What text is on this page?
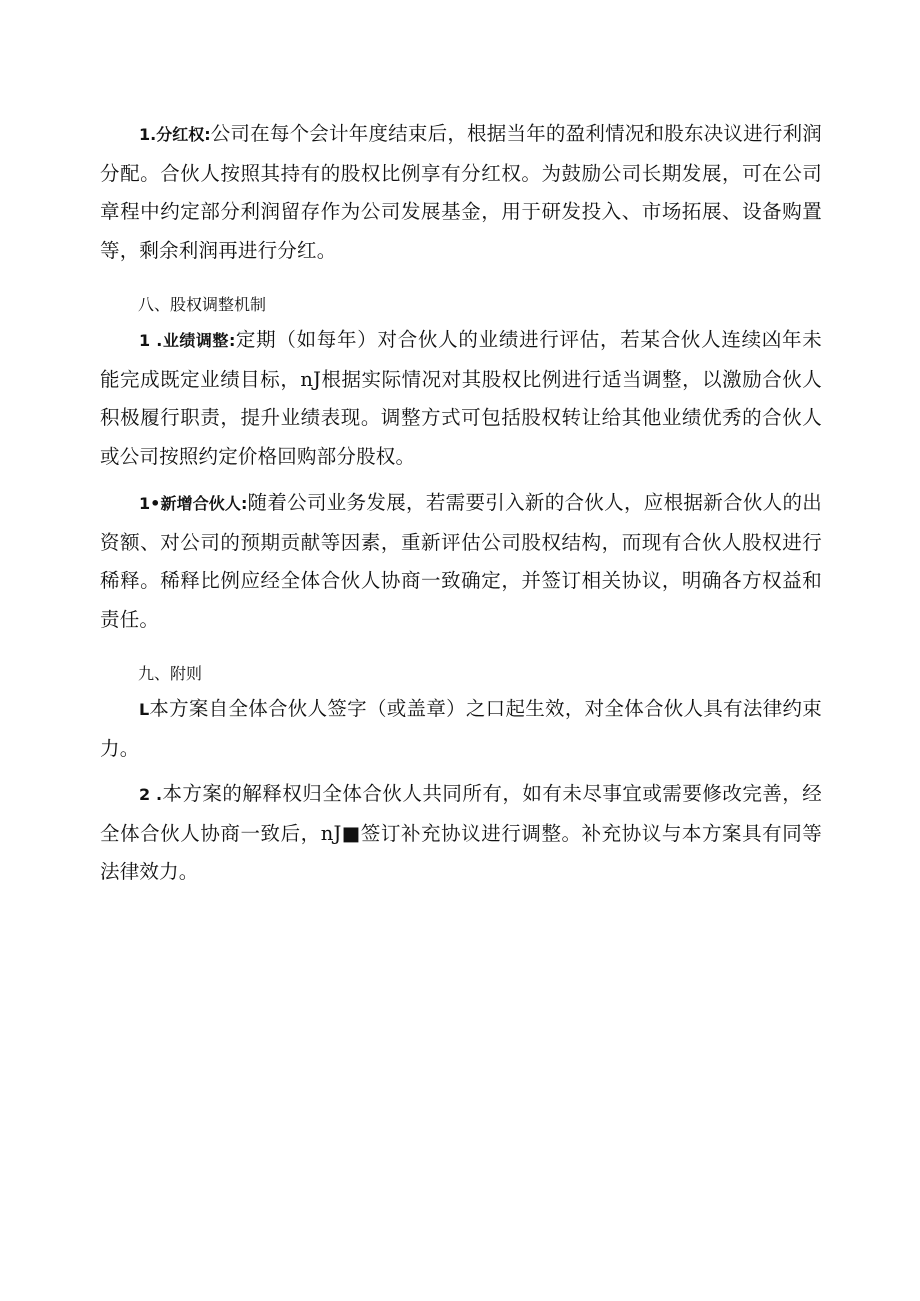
1.分红权:公司在每个会计年度结束后，根据当年的盈利情况和股东决议进行利润分配。合伙人按照其持有的股权比例享有分红权。为鼓励公司长期发展，可在公司章程中约定部分利润留存作为公司发展基金，用于研发投入、市场拓展、设备购置等，剩余利润再进行分红。

八、股权调整机制

1 .业绩调整:定期（如每年）对合伙人的业绩进行评估，若某合伙人连续凶年未能完成既定业绩目标，nJ根据实际情况对其股权比例进行适当调整，以激励合伙人积极履行职责，提升业绩表现。调整方式可包括股权转让给其他业绩优秀的合伙人或公司按照约定价格回购部分股权。

1•新增合伙人:随着公司业务发展，若需要引入新的合伙人，应根据新合伙人的出资额、对公司的预期贡献等因素，重新评估公司股权结构，而现有合伙人股权进行稀释。稀释比例应经全体合伙人协商一致确定，并签订相关协议，明确各方权益和责任。

九、附则

L本方案自全体合伙人签字（或盖章）之口起生效，对全体合伙人具有法律约束力。

2 .本方案的解释权归全体合伙人共同所有，如有未尽事宜或需要修改完善，经全体合伙人协商一致后，nJ■签订补充协议进行调整。补充协议与本方案具有同等法律效力。
